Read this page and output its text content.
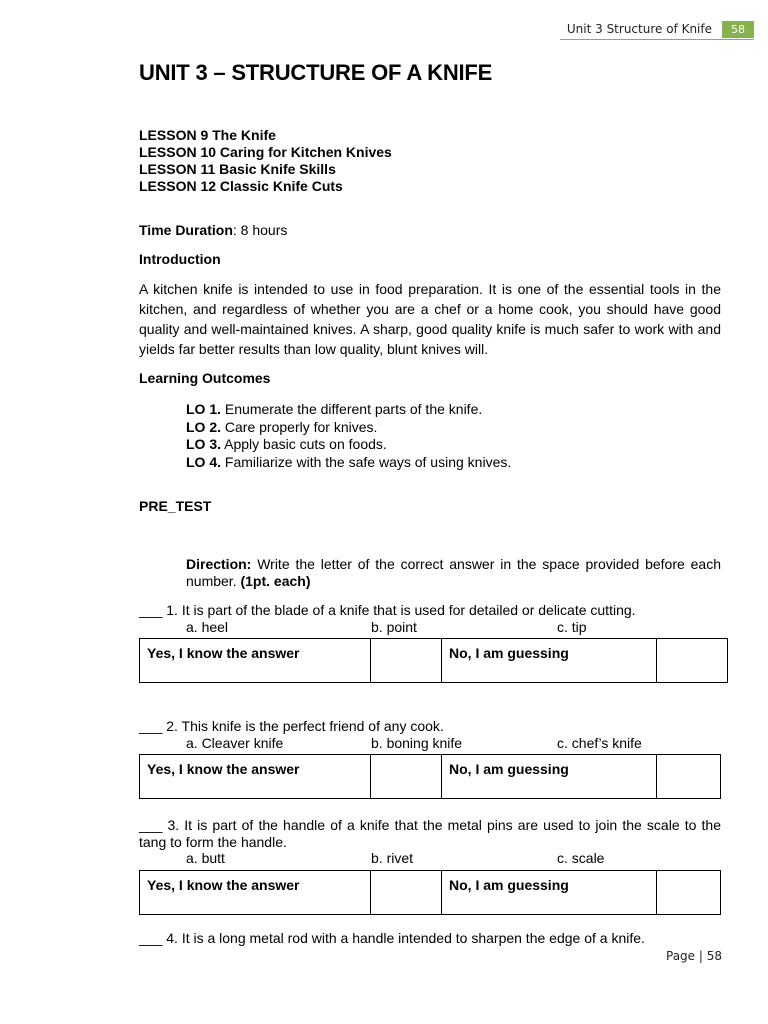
Unit 3 Structure of Knife	58
UNIT 3 – STRUCTURE OF A KNIFE
LESSON 9 The Knife
LESSON 10 Caring for Kitchen Knives
LESSON 11 Basic Knife Skills
LESSON 12 Classic Knife Cuts
Time Duration: 8 hours
Introduction
A kitchen knife is intended to use in food preparation. It is one of the essential tools in the kitchen, and regardless of whether you are a chef or a home cook, you should have good quality and well-maintained knives. A sharp, good quality knife is much safer to work with and yields far better results than low quality, blunt knives will.
Learning Outcomes
LO 1. Enumerate the different parts of the knife.
LO 2. Care properly for knives.
LO 3. Apply basic cuts on foods.
LO 4. Familiarize with the safe ways of using knives.
PRE_TEST
Direction: Write the letter of the correct answer in the space provided before each number. (1pt. each)
___ 1. It is part of the blade of a knife that is used for detailed or delicate cutting.
a. heel	b. point	c. tip
Yes, I know the answer		No, I am guessing	
___ 2. This knife is the perfect friend of any cook.
a. Cleaver knife	b. boning knife	c. chef’s knife
Yes, I know the answer		No, I am guessing	
___ 3. It is part of the handle of a knife that the metal pins are used to join the scale to the tang to form the handle.
a. butt	b. rivet	c. scale
Yes, I know the answer		No, I am guessing	
___ 4. It is a long metal rod with a handle intended to sharpen the edge of a knife.
Page | 58
